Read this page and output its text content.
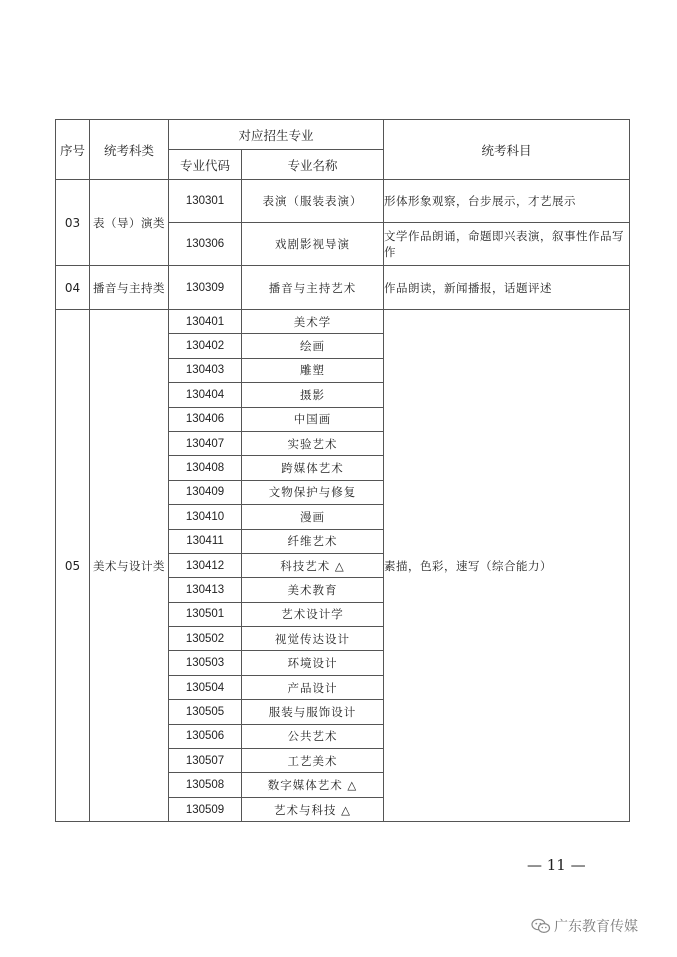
序号	统考科类	对应招生专业		统考科目
		专业代码	专业名称	
03	表（导）演类	130301	表演（服装表演）	形体形象观察，台步展示，才艺展示
		130306	戏剧影视导演	文学作品朗诵，命题即兴表演，叙事性作品写作
04	播音与主持类	130309	播音与主持艺术	作品朗读，新闻播报，话题评述
05	美术与设计类	130401	美术学	素描，色彩，速写（综合能力）
		130402	绘画	
		130403	雕塑	
		130404	摄影	
		130406	中国画	
		130407	实验艺术	
		130408	跨媒体艺术	
		130409	文物保护与修复	
		130410	漫画	
		130411	纤维艺术	
		130412	科技艺术 △	
		130413	美术教育	
		130501	艺术设计学	
		130502	视觉传达设计	
		130503	环境设计	
		130504	产品设计	
		130505	服装与服饰设计	
		130506	公共艺术	
		130507	工艺美术	
		130508	数字媒体艺术 △	
		130509	艺术与科技 △	
— 11 —
广东教育传媒
